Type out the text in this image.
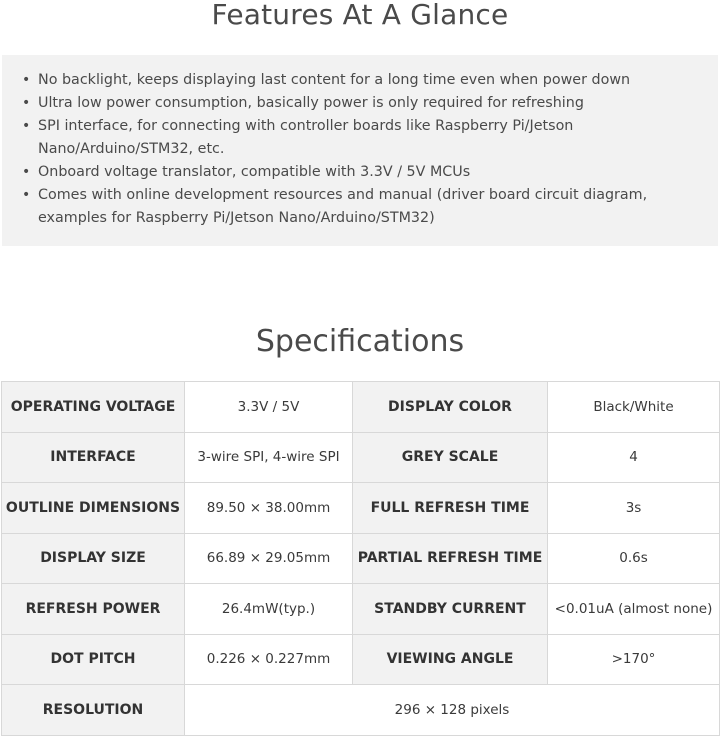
Features At A Glance
• No backlight, keeps displaying last content for a long time even when power down
• Ultra low power consumption, basically power is only required for refreshing
• SPI interface, for connecting with controller boards like Raspberry Pi/Jetson Nano/Arduino/STM32, etc.
• Onboard voltage translator, compatible with 3.3V / 5V MCUs
• Comes with online development resources and manual (driver board circuit diagram, examples for Raspberry Pi/Jetson Nano/Arduino/STM32)
Specifications
OPERATING VOLTAGE	3.3V / 5V	DISPLAY COLOR	Black/White
INTERFACE	3-wire SPI, 4-wire SPI	GREY SCALE	4
OUTLINE DIMENSIONS	89.50 × 38.00mm	FULL REFRESH TIME	3s
DISPLAY SIZE	66.89 × 29.05mm	PARTIAL REFRESH TIME	0.6s
REFRESH POWER	26.4mW(typ.)	STANDBY CURRENT	<0.01uA (almost none)
DOT PITCH	0.226 × 0.227mm	VIEWING ANGLE	>170°
RESOLUTION	296 × 128 pixels		
